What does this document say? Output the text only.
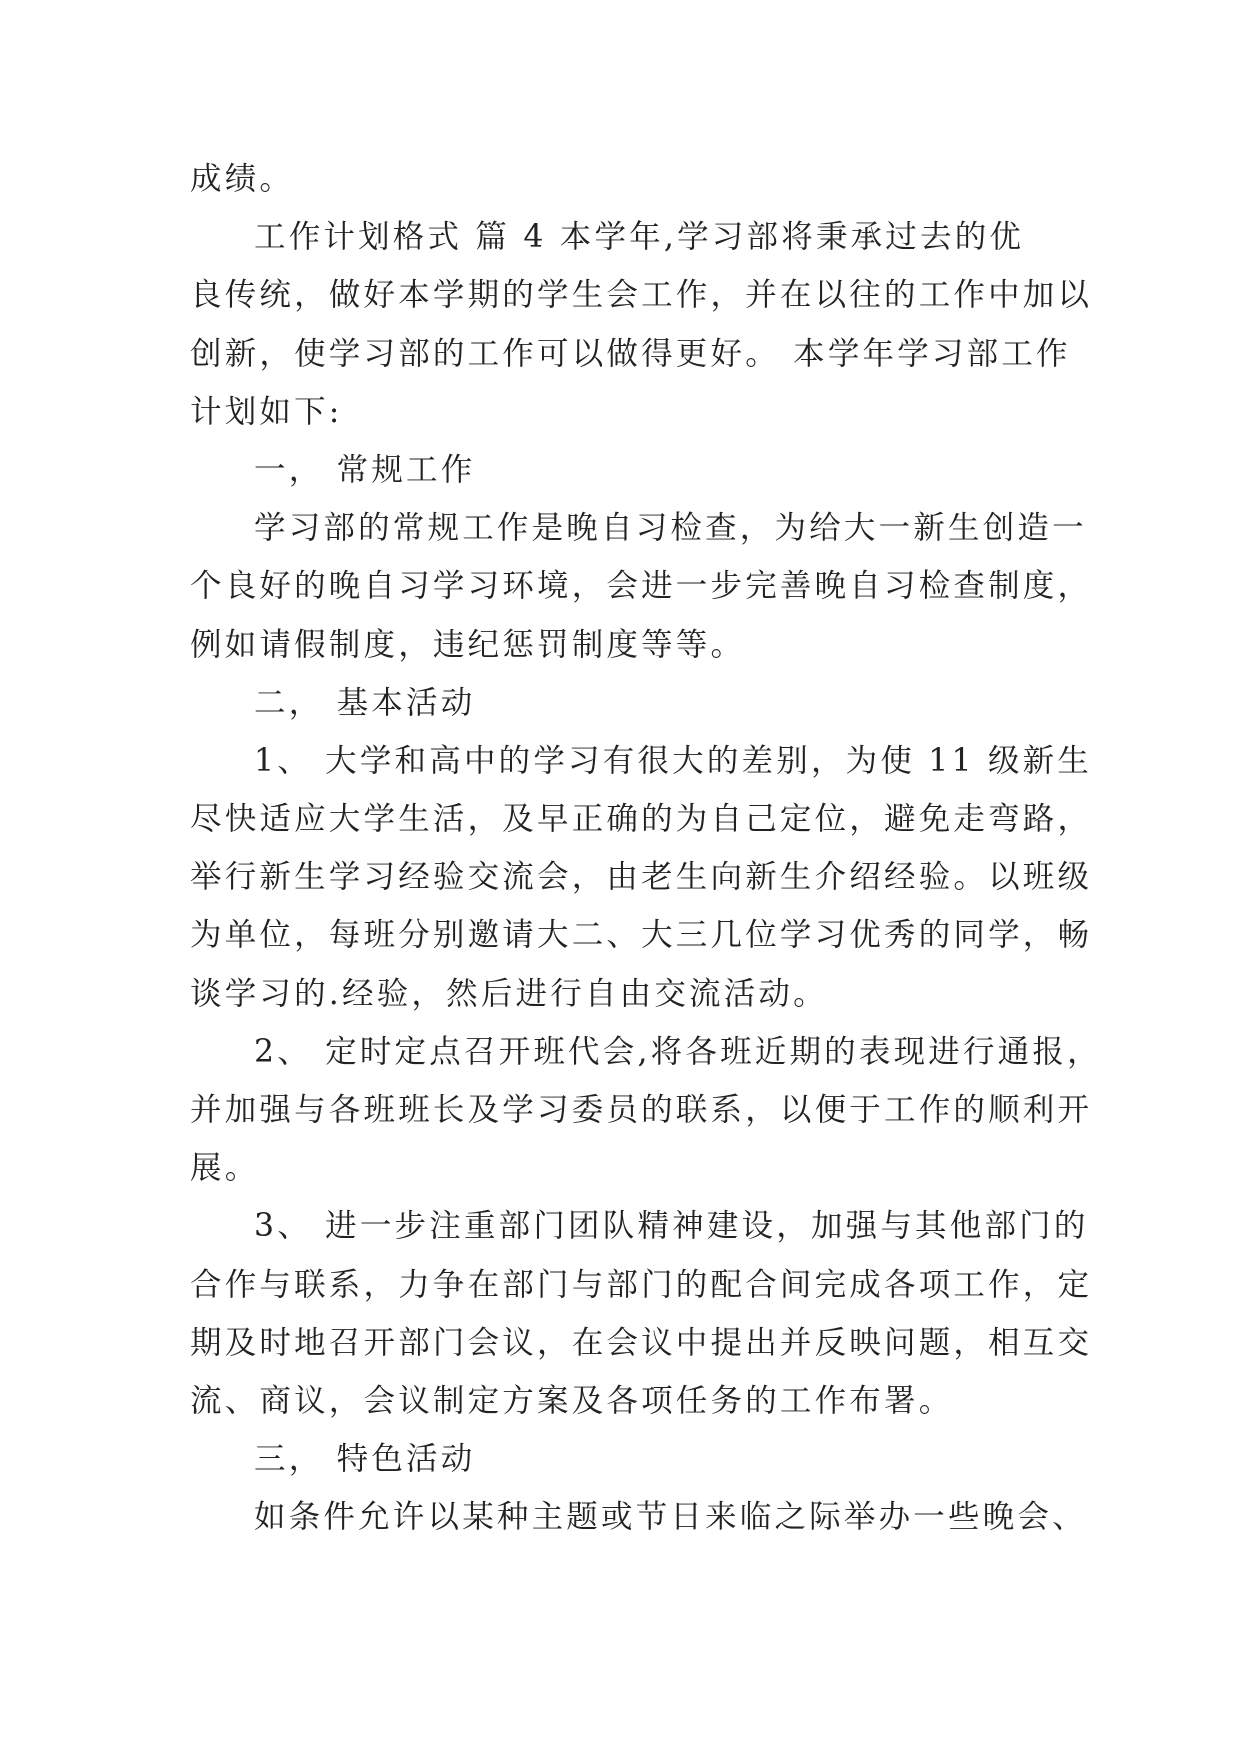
成绩。
工作计划格式 篇 4 本学年,学习部将秉承过去的优
良传统，做好本学期的学生会工作，并在以往的工作中加以
创新，使学习部的工作可以做得更好。 本学年学习部工作
计划如下:
一， 常规工作
学习部的常规工作是晚自习检查，为给大一新生创造一
个良好的晚自习学习环境，会进一步完善晚自习检查制度，
例如请假制度，违纪惩罚制度等等。
二， 基本活动
1、 大学和高中的学习有很大的差别，为使 11 级新生
尽快适应大学生活，及早正确的为自己定位，避免走弯路，
举行新生学习经验交流会，由老生向新生介绍经验。以班级
为单位，每班分别邀请大二、大三几位学习优秀的同学，畅
谈学习的.经验，然后进行自由交流活动。
2、 定时定点召开班代会,将各班近期的表现进行通报，
并加强与各班班长及学习委员的联系，以便于工作的顺利开
展。
3、 进一步注重部门团队精神建设，加强与其他部门的
合作与联系，力争在部门与部门的配合间完成各项工作，定
期及时地召开部门会议，在会议中提出并反映问题，相互交
流、商议，会议制定方案及各项任务的工作布署。
三， 特色活动
如条件允许以某种主题或节日来临之际举办一些晚会、
